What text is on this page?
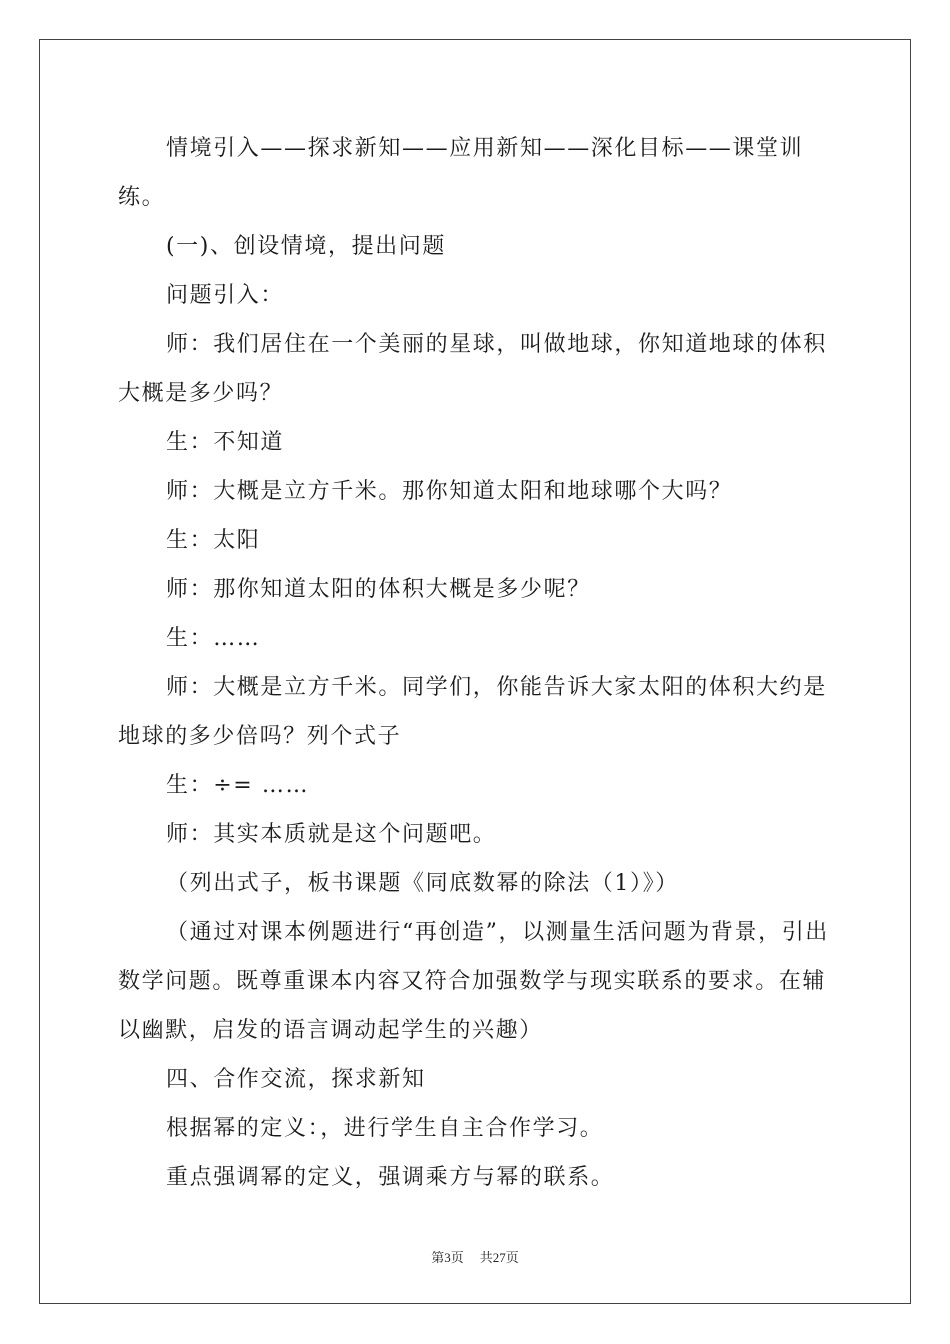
情境引入——探求新知——应用新知——深化目标——课堂训练。

(一)、创设情境，提出问题

问题引入：

师：我们居住在一个美丽的星球，叫做地球，你知道地球的体积大概是多少吗？

生：不知道

师：大概是立方千米。那你知道太阳和地球哪个大吗？

生：太阳

师：那你知道太阳的体积大概是多少呢？

生：……

师：大概是立方千米。同学们，你能告诉大家太阳的体积大约是地球的多少倍吗？列个式子

生：÷= ……

师：其实本质就是这个问题吧。

（列出式子，板书课题《同底数幂的除法（1）》）

（通过对课本例题进行“再创造”，以测量生活问题为背景，引出数学问题。既尊重课本内容又符合加强数学与现实联系的要求。在辅以幽默，启发的语言调动起学生的兴趣）

四、合作交流，探求新知

根据幂的定义：，进行学生自主合作学习。

重点强调幂的定义，强调乘方与幂的联系。

第3页 共27页
